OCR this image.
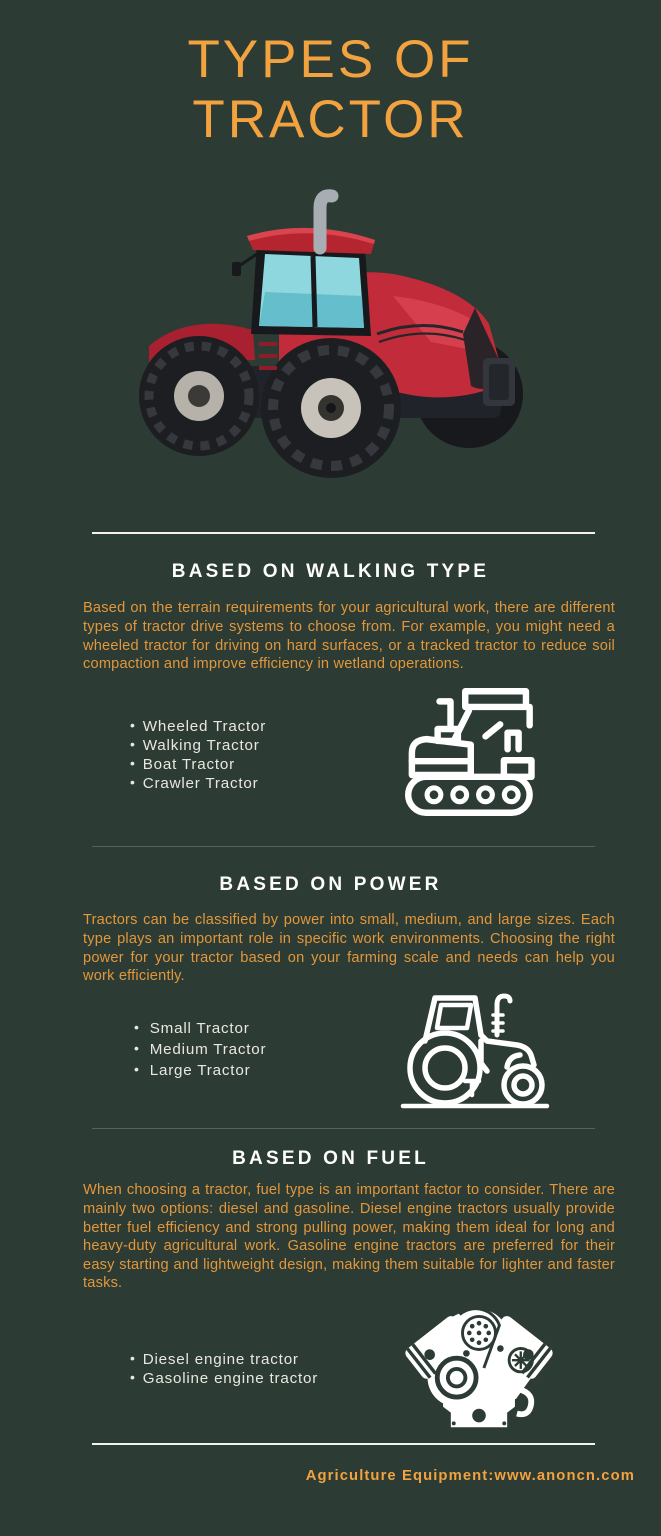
TYPES OF
TRACTOR
BASED ON WALKING TYPE

Based on the terrain requirements for your agricultural work, there are different types of tractor drive systems to choose from. For example, you might need a wheeled tractor for driving on hard surfaces, or a tracked tractor to reduce soil compaction and improve efficiency in wetland operations.

• Wheeled Tractor
• Walking Tractor
• Boat Tractor
• Crawler Tractor
BASED ON POWER

Tractors can be classified by power into small, medium, and large sizes. Each type plays an important role in specific work environments. Choosing the right power for your tractor based on your farming scale and needs can help you work efficiently.

• Small Tractor
• Medium Tractor
• Large Tractor
BASED ON FUEL

When choosing a tractor, fuel type is an important factor to consider. There are mainly two options: diesel and gasoline. Diesel engine tractors usually provide better fuel efficiency and strong pulling power, making them ideal for long and heavy-duty agricultural work. Gasoline engine tractors are preferred for their easy starting and lightweight design, making them suitable for lighter and faster tasks.

• Diesel engine tractor
• Gasoline engine tractor
Agriculture Equipment:www.anoncn.com
